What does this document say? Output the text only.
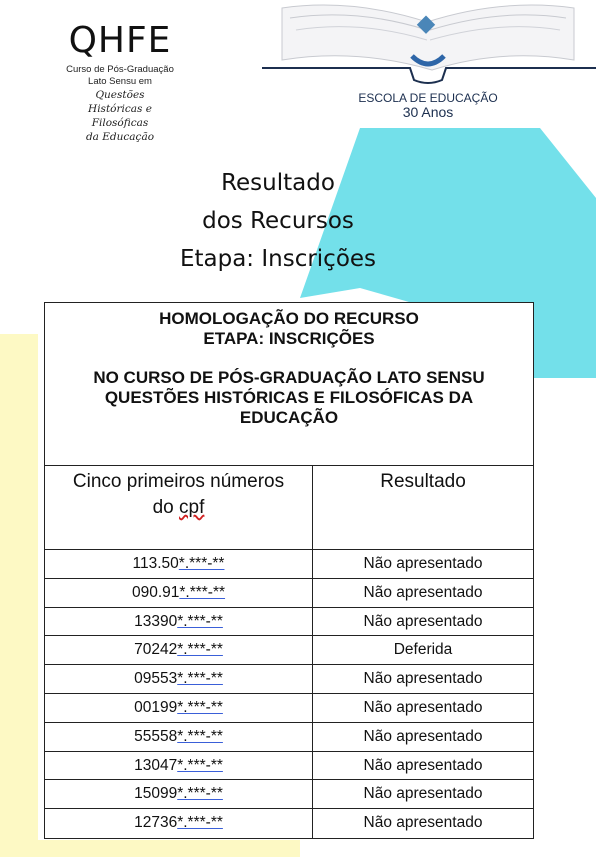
QHFE
Curso de Pós-Graduação
Lato Sensu em
Questões
Históricas e Filosóficas
da Educação
ESCOLA DE EDUCAÇÃO
30 Anos
Resultado
dos Recursos
Etapa: Inscrições
HOMOLOGAÇÃO DO RECURSO
ETAPA: INSCRIÇÕES
NO CURSO DE PÓS-GRADUAÇÃO LATO SENSU
QUESTÕES HISTÓRICAS E FILOSÓFICAS DA
EDUCAÇÃO
Cinco primeiros números
do cpf
Resultado
113.50*.***-**	Não apresentado
090.91*.***-**	Não apresentado
13390*.***-**	Não apresentado
70242*.***-**	Deferida
09553*.***-**	Não apresentado
00199*.***-**	Não apresentado
55558*.***-**	Não apresentado
13047*.***-**	Não apresentado
15099*.***-**	Não apresentado
12736*.***-**	Não apresentado
